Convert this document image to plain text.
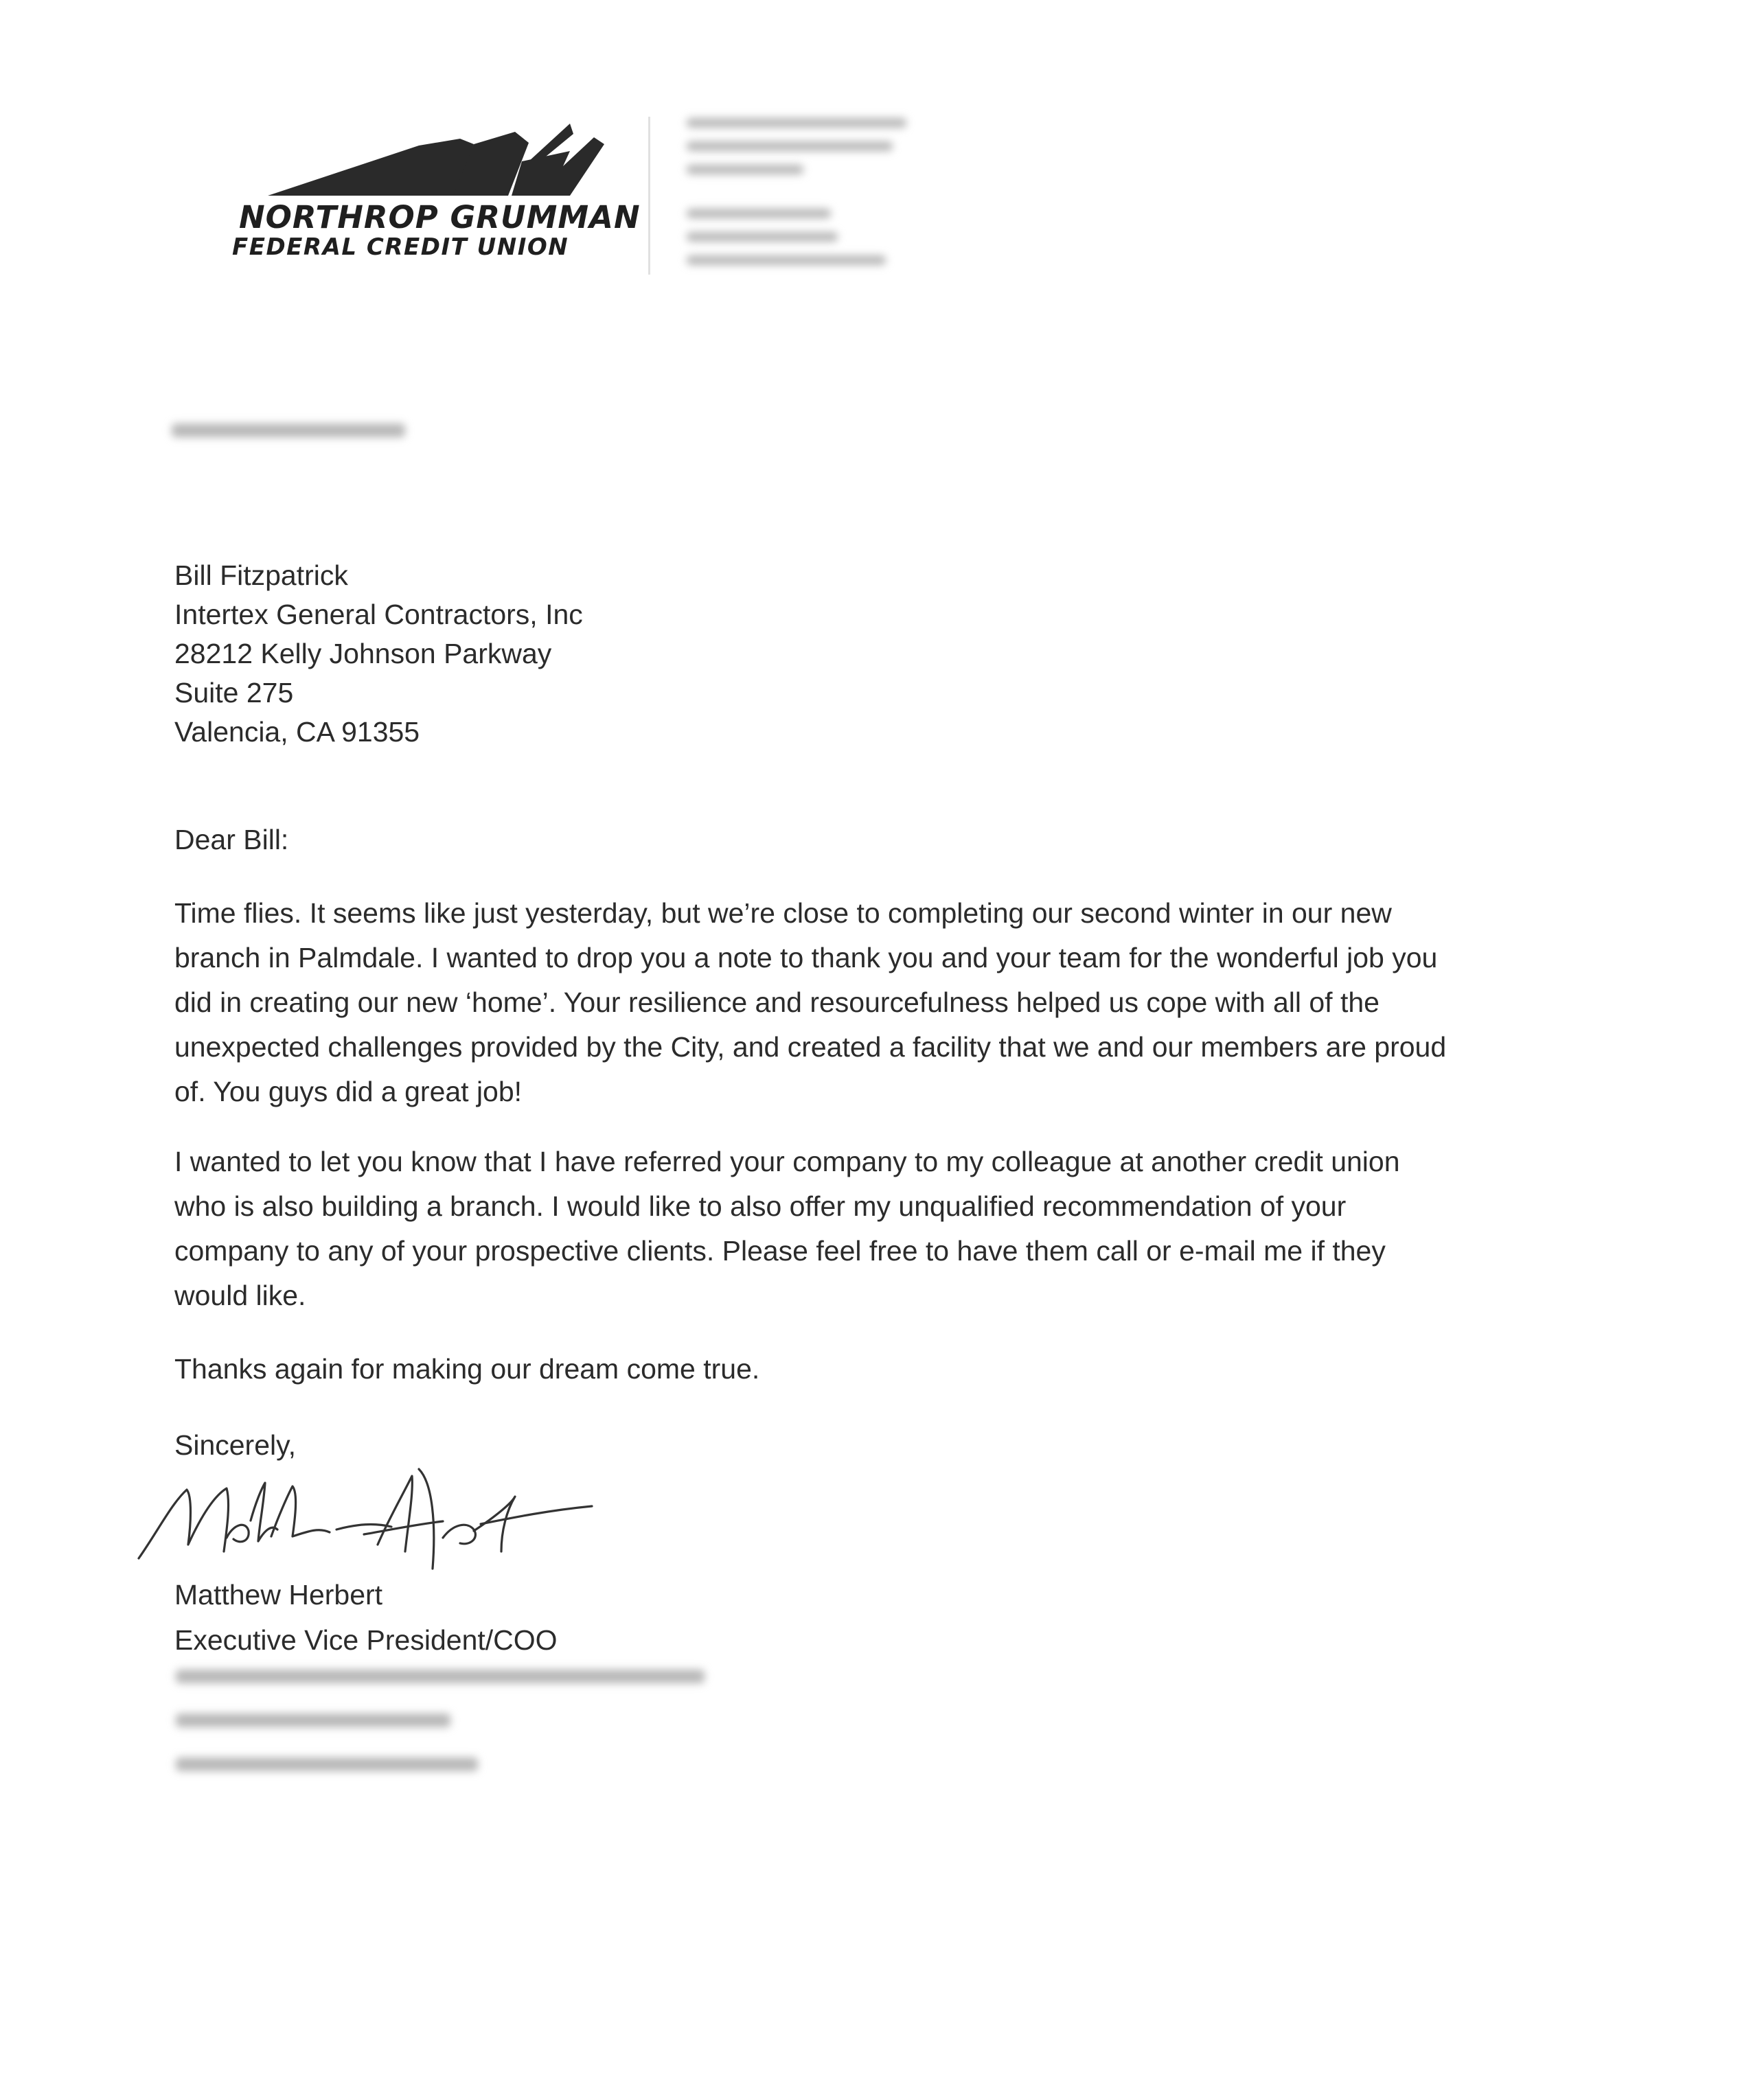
NORTHROP GRUMMAN
FEDERAL CREDIT UNION
Bill Fitzpatrick
Intertex General Contractors, Inc
28212 Kelly Johnson Parkway
Suite 275
Valencia, CA 91355
Dear Bill:
Time flies. It seems like just yesterday, but we’re close to completing our second winter in our new
branch in Palmdale. I wanted to drop you a note to thank you and your team for the wonderful job you
did in creating our new ‘home’. Your resilience and resourcefulness helped us cope with all of the
unexpected challenges provided by the City, and created a facility that we and our members are proud
of. You guys did a great job!
I wanted to let you know that I have referred your company to my colleague at another credit union
who is also building a branch. I would like to also offer my unqualified recommendation of your
company to any of your prospective clients. Please feel free to have them call or e-mail me if they
would like.
Thanks again for making our dream come true.
Sincerely,
Matthew Herbert
Executive Vice President/COO
